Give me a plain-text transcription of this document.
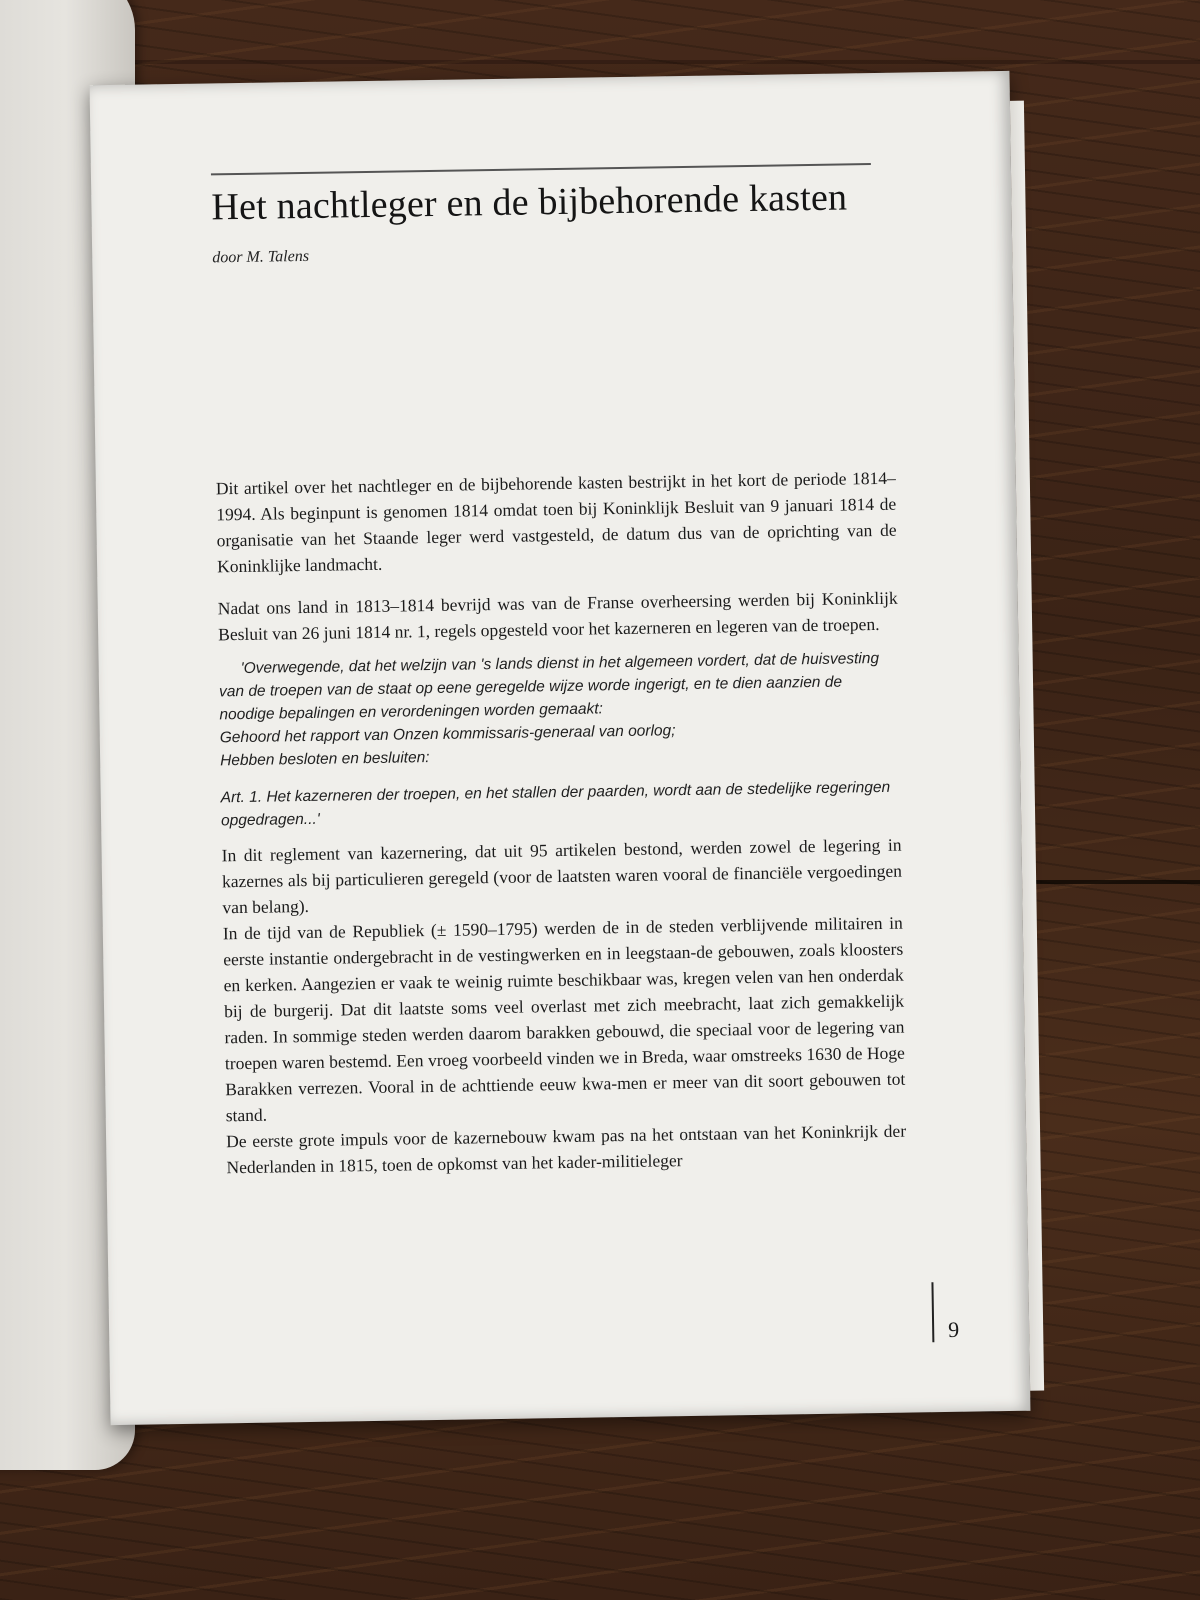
Het nachtleger en de bijbehorende kasten
door M. Talens

Dit artikel over het nachtleger en de bijbehorende kasten bestrijkt in het kort de periode 1814–1994. Als beginpunt is genomen 1814 omdat toen bij Koninklijk Besluit van 9 januari 1814 de organisatie van het Staande leger werd vastgesteld, de datum dus van de oprichting van de Koninklijke landmacht.

Nadat ons land in 1813–1814 bevrijd was van de Franse overheersing werden bij Koninklijk Besluit van 26 juni 1814 nr. 1, regels opgesteld voor het kazerneren en legeren van de troepen.

'Overwegende, dat het welzijn van 's lands dienst in het algemeen vordert, dat de huisvesting van de troepen van de staat op eene geregelde wijze worde ingerigt, en te dien aanzien de noodige bepalingen en verordeningen worden gemaakt:

Gehoord het rapport van Onzen kommissaris-generaal van oorlog;

Hebben besloten en besluiten:

Art. 1. Het kazerneren der troepen, en het stallen der paarden, wordt aan de stedelijke regeringen opgedragen...'

In dit reglement van kazernering, dat uit 95 artikelen bestond, werden zowel de legering in kazernes als bij particulieren geregeld (voor de laatsten waren vooral de financiële vergoedingen van belang).

In de tijd van de Republiek (± 1590–1795) werden de in de steden verblijvende militairen in eerste instantie ondergebracht in de vestingwerken en in leegstaan-de gebouwen, zoals kloosters en kerken. Aangezien er vaak te weinig ruimte beschikbaar was, kregen velen van hen onderdak bij de burgerij. Dat dit laatste soms veel overlast met zich meebracht, laat zich gemakkelijk raden. In sommige steden werden daarom barakken gebouwd, die speciaal voor de legering van troepen waren bestemd. Een vroeg voorbeeld vinden we in Breda, waar omstreeks 1630 de Hoge Barakken verrezen. Vooral in de achttiende eeuw kwa-men er meer van dit soort gebouwen tot stand.

De eerste grote impuls voor de kazernebouw kwam pas na het ontstaan van het Koninkrijk der Nederlanden in 1815, toen de opkomst van het kader-militieleger

9
